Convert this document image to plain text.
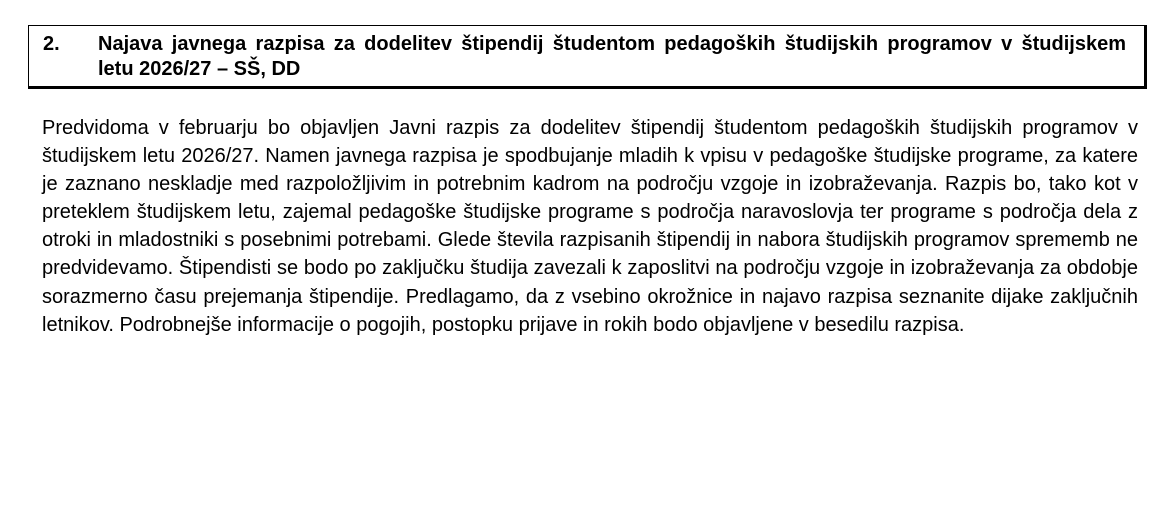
2.	Najava javnega razpisa za dodelitev štipendij študentom pedagoških študijskih programov v študijskem letu 2026/27 – SŠ, DD

Predvidoma v februarju bo objavljen Javni razpis za dodelitev štipendij študentom pedagoških študijskih programov v študijskem letu 2026/27. Namen javnega razpisa je spodbujanje mladih k vpisu v pedagoške študijske programe, za katere je zaznano neskladje med razpoložljivim in potrebnim kadrom na področju vzgoje in izobraževanja. Razpis bo, tako kot v preteklem študijskem letu, zajemal pedagoške študijske programe s področja naravoslovja ter programe s področja dela z otroki in mladostniki s posebnimi potrebami. Glede števila razpisanih štipendij in nabora študijskih programov sprememb ne predvidevamo. Štipendisti se bodo po zaključku študija zavezali k zaposlitvi na področju vzgoje in izobraževanja za obdobje sorazmerno času prejemanja štipendije. Predlagamo, da z vsebino okrožnice in najavo razpisa seznanite dijake zaključnih letnikov. Podrobnejše informacije o pogojih, postopku prijave in rokih bodo objavljene v besedilu razpisa.
